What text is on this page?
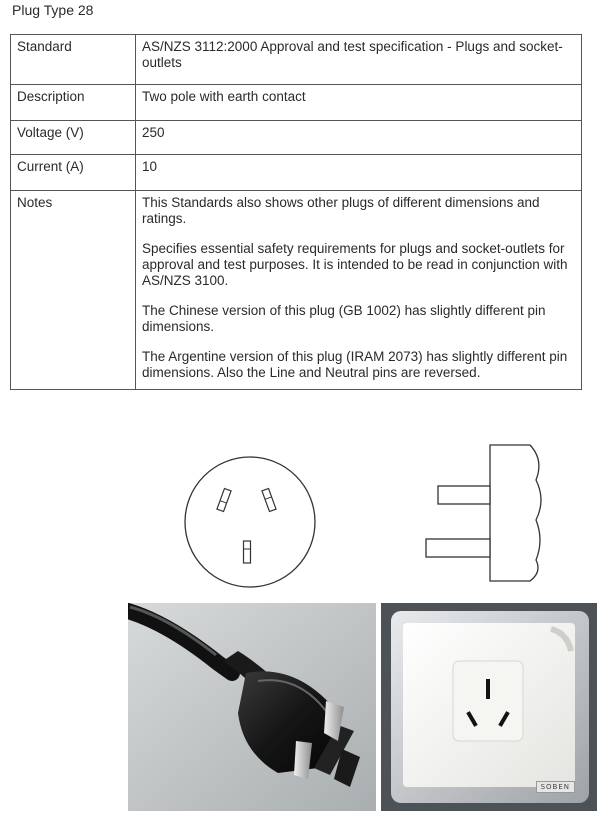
Plug Type 28
Standard	AS/NZS 3112:2000 Approval and test specification - Plugs and socket-outlets
Description	Two pole with earth contact
Voltage (V)	250
Current (A)	10
Notes	This Standards also shows other plugs of different dimensions and ratings.

Specifies essential safety requirements for plugs and socket-outlets for approval and test purposes. It is intended to be read in conjunction with AS/NZS 3100.

The Chinese version of this plug (GB 1002) has slightly different pin dimensions.

The Argentine version of this plug (IRAM 2073) has slightly different pin dimensions. Also the Line and Neutral pins are reversed.

SOBEN
